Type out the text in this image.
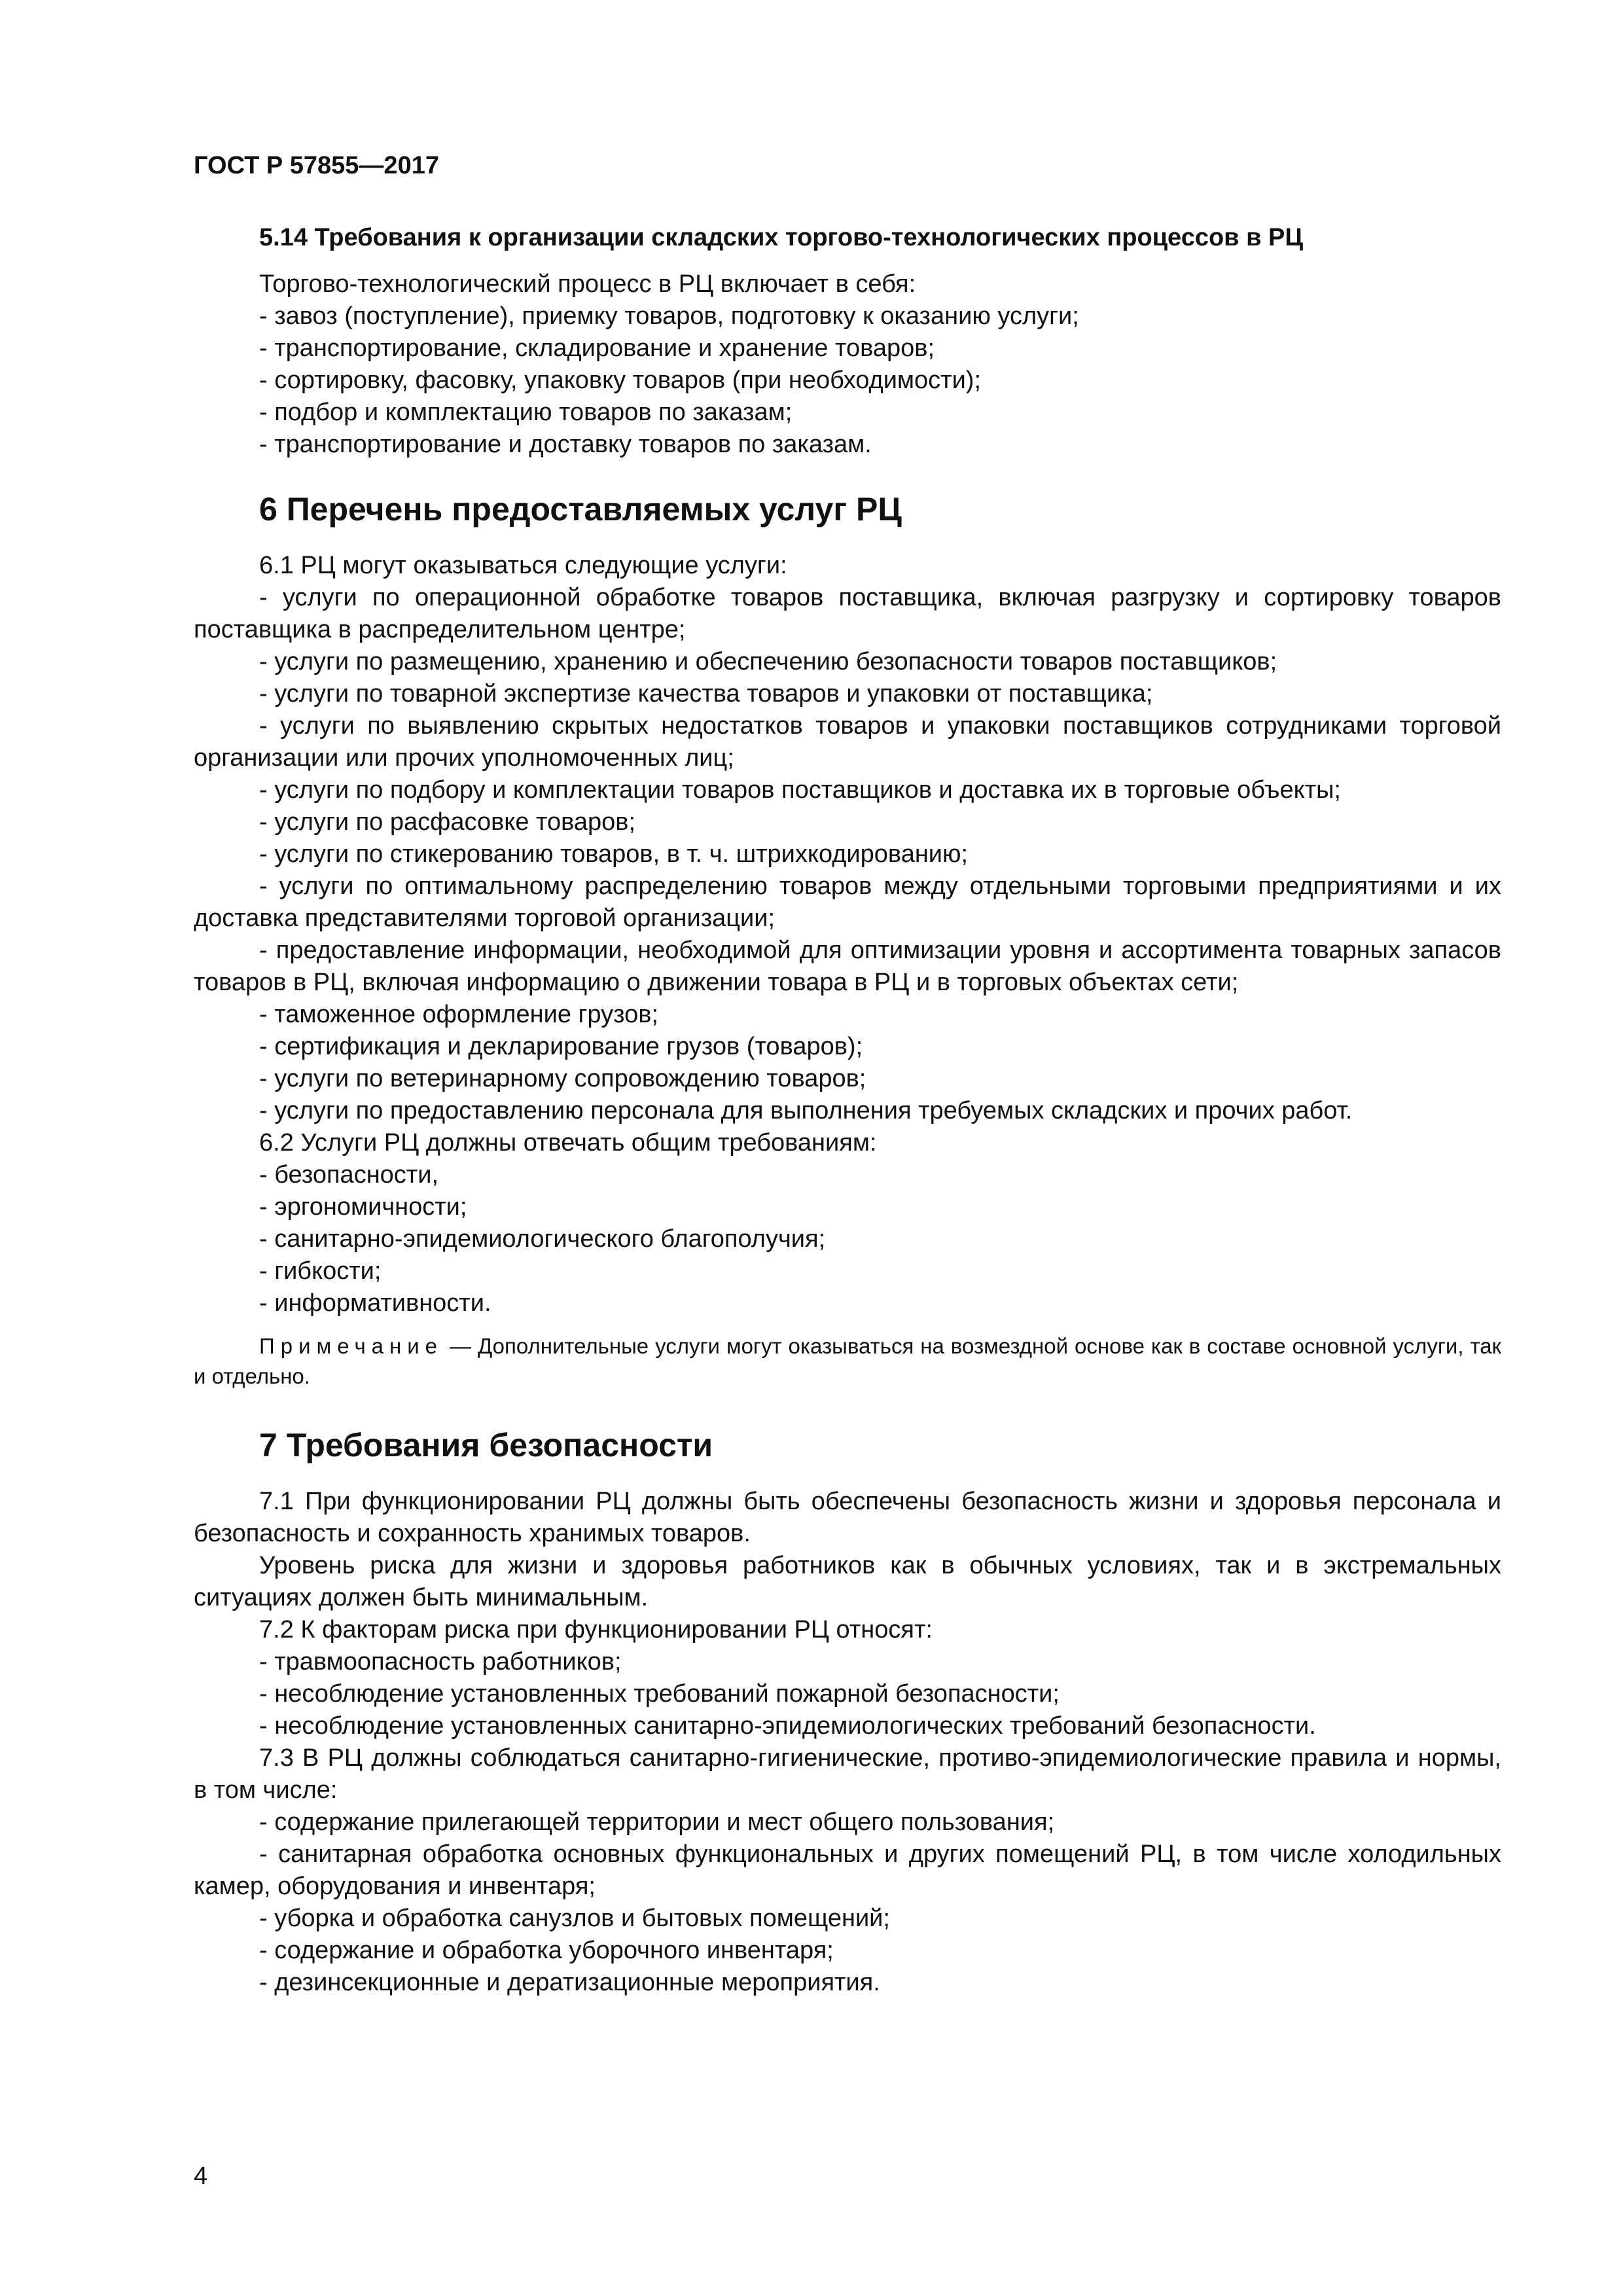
ГОСТ Р 57855—2017
5.14 Требования к организации складских торгово-технологических процессов в РЦ

Торгово-технологический процесс в РЦ включает в себя:

- завоз (поступление), приемку товаров, подготовку к оказанию услуги;

- транспортирование, складирование и хранение товаров;

- сортировку, фасовку, упаковку товаров (при необходимости);

- подбор и комплектацию товаров по заказам;

- транспортирование и доставку товаров по заказам.

6 Перечень предоставляемых услуг РЦ

6.1 РЦ могут оказываться следующие услуги:

- услуги по операционной обработке товаров поставщика, включая разгрузку и сортировку товаров поставщика в распределительном центре;

- услуги по размещению, хранению и обеспечению безопасности товаров поставщиков;

- услуги по товарной экспертизе качества товаров и упаковки от поставщика;

- услуги по выявлению скрытых недостатков товаров и упаковки поставщиков сотрудниками торговой организации или прочих уполномоченных лиц;

- услуги по подбору и комплектации товаров поставщиков и доставка их в торговые объекты;

- услуги по расфасовке товаров;

- услуги по стикерованию товаров, в т. ч. штрихкодированию;

- услуги по оптимальному распределению товаров между отдельными торговыми предприятиями и их доставка представителями торговой организации;

- предоставление информации, необходимой для оптимизации уровня и ассортимента товарных запасов товаров в РЦ, включая информацию о движении товара в РЦ и в торговых объектах сети;

- таможенное оформление грузов;

- сертификация и декларирование грузов (товаров);

- услуги по ветеринарному сопровождению товаров;

- услуги по предоставлению персонала для выполнения требуемых складских и прочих работ.

6.2 Услуги РЦ должны отвечать общим требованиям:

- безопасности,

- эргономичности;

- санитарно-эпидемиологического благополучия;

- гибкости;

- информативности.

Примечание — Дополнительные услуги могут оказываться на возмездной основе как в составе основной услуги, так и отдельно.

7 Требования безопасности

7.1 При функционировании РЦ должны быть обеспечены безопасность жизни и здоровья персонала и безопасность и сохранность хранимых товаров.

Уровень риска для жизни и здоровья работников как в обычных условиях, так и в экстремальных ситуациях должен быть минимальным.

7.2 К факторам риска при функционировании РЦ относят:

- травмоопасность работников;

- несоблюдение установленных требований пожарной безопасности;

- несоблюдение установленных санитарно-эпидемиологических требований безопасности.

7.3 В РЦ должны соблюдаться санитарно-гигиенические, противо-эпидемиологические правила и нормы, в том числе:

- содержание прилегающей территории и мест общего пользования;

- санитарная обработка основных функциональных и других помещений РЦ, в том числе холодильных камер, оборудования и инвентаря;

- уборка и обработка санузлов и бытовых помещений;

- содержание и обработка уборочного инвентаря;

- дезинсекционные и дератизационные мероприятия.

4
